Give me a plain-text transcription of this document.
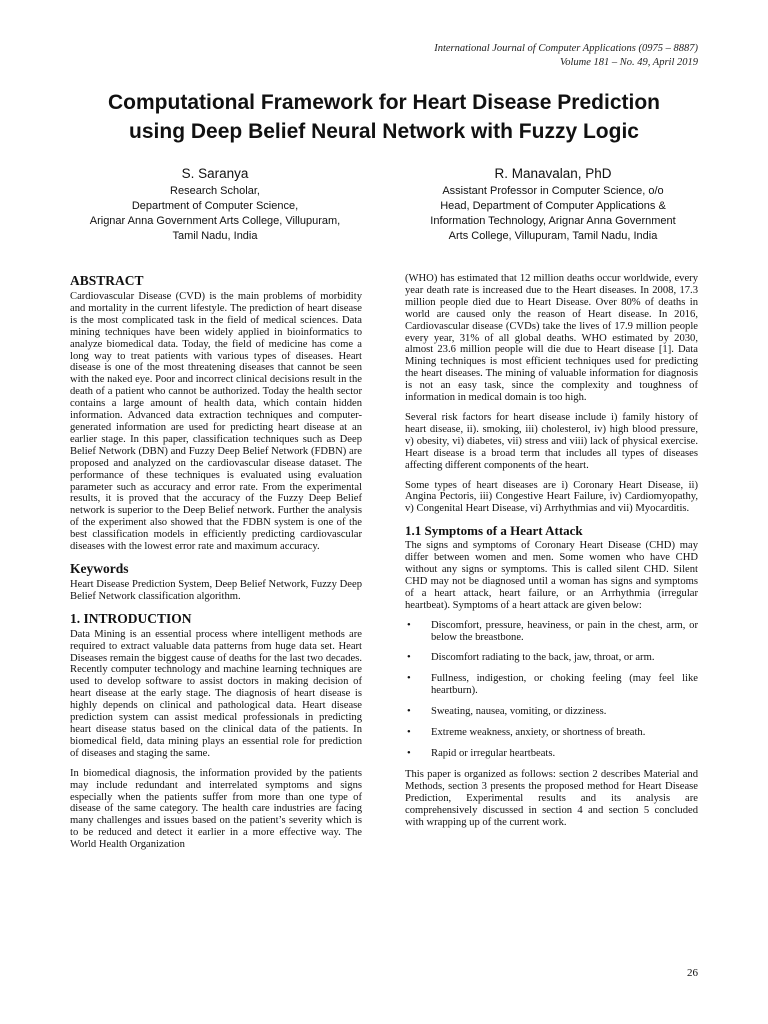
International Journal of Computer Applications (0975 – 8887)
Volume 181 – No. 49, April 2019
Computational Framework for Heart Disease Prediction
using Deep Belief Neural Network with Fuzzy Logic
S. Saranya
Research Scholar,
Department of Computer Science,
Arignar Anna Government Arts College, Villupuram,
Tamil Nadu, India
R. Manavalan, PhD
Assistant Professor in Computer Science, o/o
Head, Department of Computer Applications &
Information Technology, Arignar Anna Government
Arts College, Villupuram, Tamil Nadu, India
ABSTRACT

Cardiovascular Disease (CVD) is the main problems of morbidity and mortality in the current lifestyle. The prediction of heart disease is the most complicated task in the field of medical sciences. Data mining techniques have been widely applied in bioinformatics to analyze biomedical data. Today, the field of medicine has come a long way to treat patients with various types of diseases. Heart disease is one of the most threatening diseases that cannot be seen with the naked eye. Poor and incorrect clinical decisions result in the death of a patient who cannot be authorized. Today the health sector contains a large amount of health data, which contain hidden information. Advanced data extraction techniques and computer-generated information are used for predicting heart disease at an earlier stage. In this paper, classification techniques such as Deep Belief Network (DBN) and Fuzzy Deep Belief Network (FDBN) are proposed and analyzed on the cardiovascular disease dataset. The performance of these techniques is evaluated using evaluation parameter such as accuracy and error rate. From the experimental results, it is proved that the accuracy of the Fuzzy Deep Belief network is superior to the Deep Belief network. Further the analysis of the experiment also showed that the FDBN system is one of the best classification models in efficiently predicting cardiovascular diseases with the lowest error rate and maximum accuracy.

Keywords

Heart Disease Prediction System, Deep Belief Network, Fuzzy Deep Belief Network classification algorithm.

1. INTRODUCTION

Data Mining is an essential process where intelligent methods are required to extract valuable data patterns from huge data set. Heart Diseases remain the biggest cause of deaths for the last two decades. Recently computer technology and machine learning techniques are used to develop software to assist doctors in making decision of heart disease at the early stage. The diagnosis of heart disease is highly depends on clinical and pathological data. Heart disease prediction system can assist medical professionals in predicting heart disease status based on the clinical data of the patients. In biomedical field, data mining plays an essential role for prediction of diseases and staging the same.

In biomedical diagnosis, the information provided by the patients may include redundant and interrelated symptoms and signs especially when the patients suffer from more than one type of disease of the same category. The health care industries are facing many challenges and issues based on the patient’s severity which is to be reduced and detect it earlier in a more effective way. The World Health Organization

(WHO) has estimated that 12 million deaths occur worldwide, every year death rate is increased due to the Heart diseases. In 2008, 17.3 million people died due to Heart Disease. Over 80% of deaths in world are caused only the reason of Heart disease. In 2016, Cardiovascular disease (CVDs) take the lives of 17.9 million people every year, 31% of all global deaths. WHO estimated by 2030, almost 23.6 million people will die due to Heart disease [1]. Data Mining techniques is most efficient techniques used for predicting the heart diseases. The mining of valuable information for diagnosis is not an easy task, since the complexity and toughness of information in medical domain is too high.

Several risk factors for heart disease include i) family history of heart disease, ii). smoking, iii) cholesterol, iv) high blood pressure, v) obesity, vi) diabetes, vii) stress and viii) lack of physical exercise. Heart disease is a broad term that includes all types of diseases affecting different components of the heart.

Some types of heart diseases are i) Coronary Heart Disease, ii) Angina Pectoris, iii) Congestive Heart Failure, iv) Cardiomyopathy, v) Congenital Heart Disease, vi) Arrhythmias and vii) Myocarditis.

1.1 Symptoms of a Heart Attack

The signs and symptoms of Coronary Heart Disease (CHD) may differ between women and men. Some women who have CHD without any signs or symptoms. This is called silent CHD. Silent CHD may not be diagnosed until a woman has signs and symptoms of a heart attack, heart failure, or an Arrhythmia (irregular heartbeat). Symptoms of a heart attack are given below:

• Discomfort, pressure, heaviness, or pain in the chest, arm, or below the breastbone.
• Discomfort radiating to the back, jaw, throat, or arm.
• Fullness, indigestion, or choking feeling (may feel like heartburn).
• Sweating, nausea, vomiting, or dizziness.
• Extreme weakness, anxiety, or shortness of breath.
• Rapid or irregular heartbeats.

This paper is organized as follows: section 2 describes Material and Methods, section 3 presents the proposed method for Heart Disease Prediction, Experimental results and its analysis are comprehensively discussed in section 4 and section 5 concluded with wrapping up of the current work.

26
